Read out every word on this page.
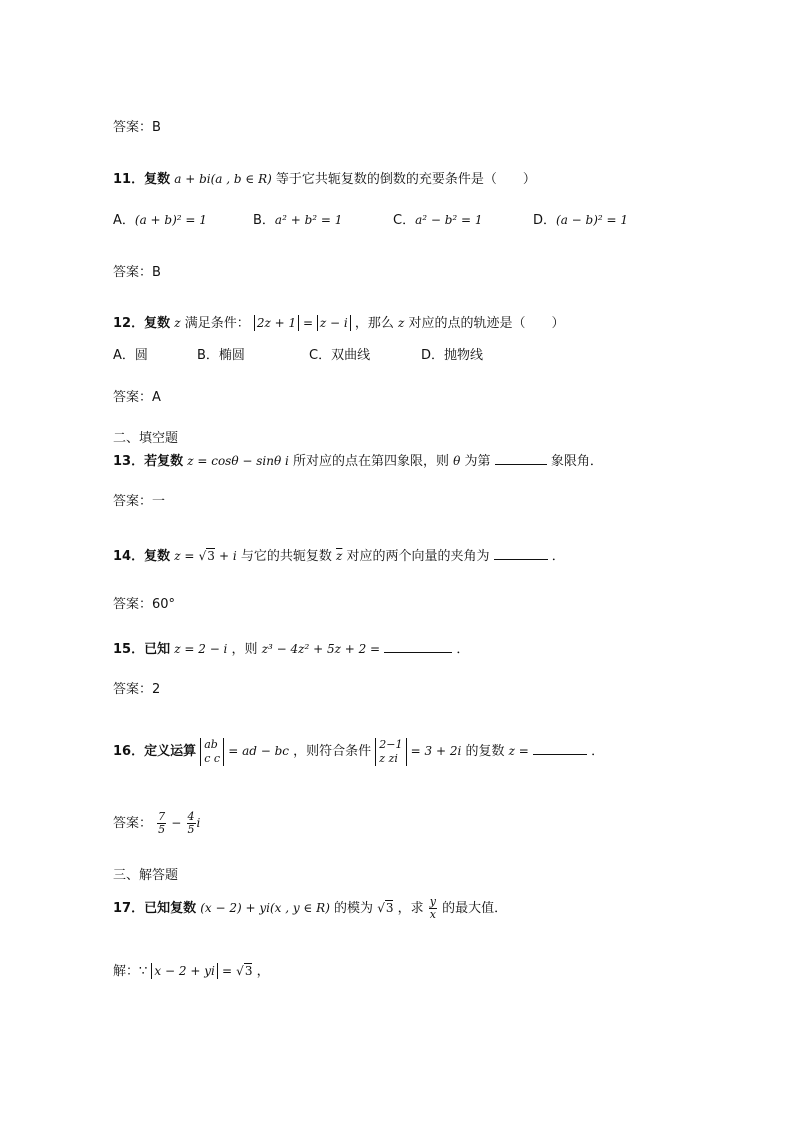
答案：B
11．复数 a + bi(a , b ∈ R) 等于它共轭复数的倒数的充要条件是（　　）
A．(a + b)² = 1	B．a² + b² = 1	C．a² − b² = 1	D．(a − b)² = 1
答案：B
12．复数 z 满足条件： 2z + 1 = z − i ，那么 z 对应的点的轨迹是（　　）
A．圆	B．椭圆	C．双曲线	D．抛物线
答案：A
二、填空题
13．若复数 z = cosθ − sinθ i 所对应的点在第四象限，则 θ 为第	象限角．
答案：一
14．复数 z = √3 + i 与它的共轭复数 $\overline{z}$ 对应的两个向量的夹角为	．
答案：60°
15．已知 z = 2 − i ，则 z³ − 4z² + 5z + 2 =	．
答案：2
16．定义运算 ab
c c = ad − bc ，则符合条件 2−1
z zi	= 3 + 2i 的复数 z =	．
答案： $\frac{7}{5} - \frac{4}{5}$ i
三、解答题
17．已知复数 (x − 2) + yi(x , y ∈ R) 的模为 √3 ，求 $\frac{y}{x}$ 的最大值．
解：∵ x − 2 + yi = √3 ，
